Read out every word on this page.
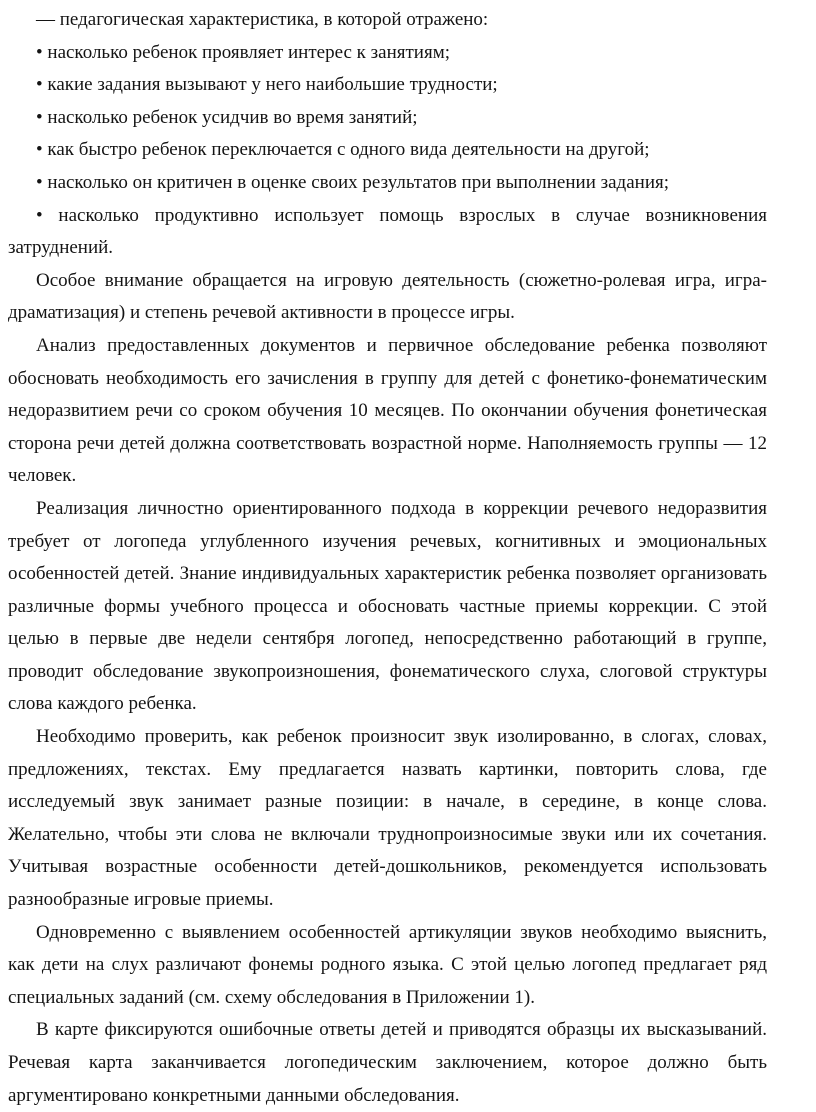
— педагогическая характеристика, в которой отражено:

• насколько ребенок проявляет интерес к занятиям;

• какие задания вызывают у него наибольшие трудности;

• насколько ребенок усидчив во время занятий;

• как быстро ребенок переключается с одного вида деятельности на другой;

• насколько он критичен в оценке своих результатов при выполнении задания;

• насколько продуктивно использует помощь взрослых в случае возникновения затруднений.

Особое внимание обращается на игровую деятельность (сюжетно-ролевая игра, игра-драматизация) и степень речевой активности в процессе игры.

Анализ предоставленных документов и первичное обследование ребенка позволяют обосновать необходимость его зачисления в группу для детей с фонетико-фонематическим недоразвитием речи со сроком обучения 10 месяцев. По окончании обучения фонетическая сторона речи детей должна соответствовать возрастной норме. Наполняемость группы — 12 человек.

Реализация личностно ориентированного подхода в коррекции речевого недоразвития требует от логопеда углубленного изучения речевых, когнитивных и эмоциональных особенностей детей. Знание индивидуальных характеристик ребенка позволяет организовать различные формы учебного процесса и обосновать частные приемы коррекции. С этой целью в первые две недели сентября логопед, непосредственно работающий в группе, проводит обследование звукопроизношения, фонематического слуха, слоговой структуры слова каждого ребенка.

Необходимо проверить, как ребенок произносит звук изолированно, в слогах, словах, предложениях, текстах. Ему предлагается назвать картинки, повторить слова, где исследуемый звук занимает разные позиции: в начале, в середине, в конце слова. Желательно, чтобы эти слова не включали труднопроизносимые звуки или их сочетания. Учитывая возрастные особенности детей-дошкольников, рекомендуется использовать разнообразные игровые приемы.

Одновременно с выявлением особенностей артикуляции звуков необходимо выяснить, как дети на слух различают фонемы родного языка. С этой целью логопед предлагает ряд специальных заданий (см. схему обследования в Приложении 1).

В карте фиксируются ошибочные ответы детей и приводятся образцы их высказываний. Речевая карта заканчивается логопедическим заключением, которое должно быть аргументировано конкретными данными обследования.
